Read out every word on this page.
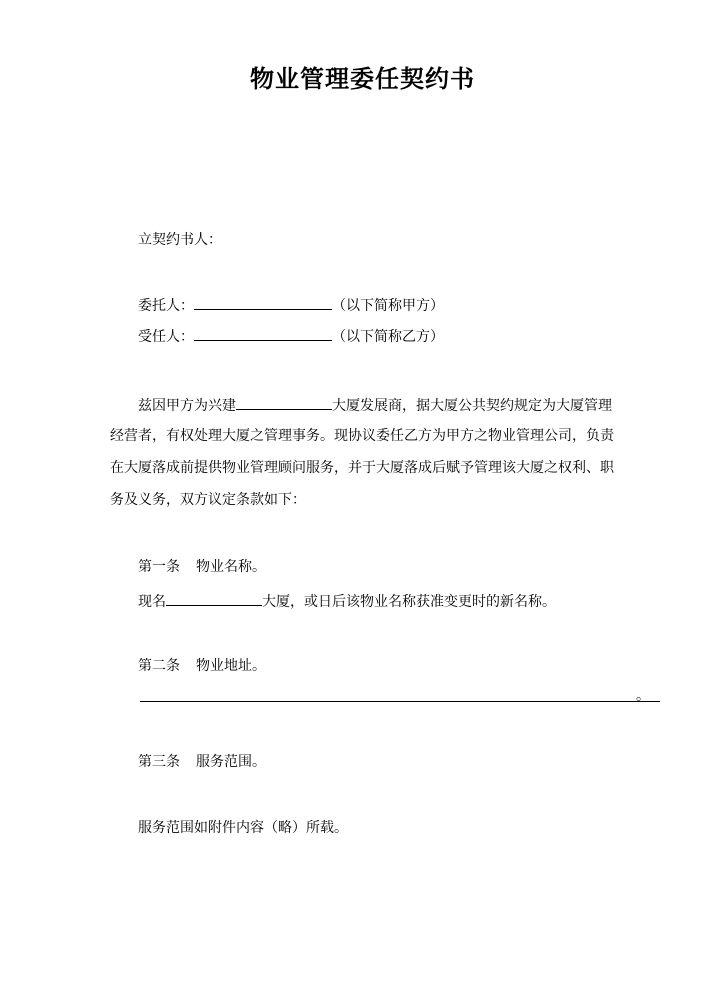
物业管理委任契约书
立契约书人：
委托人：	（以下简称甲方）
受任人：	（以下简称乙方）
兹因甲方为兴建	大厦发展商，据大厦公共契约规定为大厦管理
经营者，有权处理大厦之管理事务。现协议委任乙方为甲方之物业管理公司，负责
在大厦落成前提供物业管理顾问服务，并于大厦落成后赋予管理该大厦之权利、职
务及义务，双方议定条款如下：
第一条 物业名称。
现名	大厦，或日后该物业名称获准变更时的新名称。
第二条 物业地址。
。
第三条 服务范围。
服务范围如附件内容（略）所载。
